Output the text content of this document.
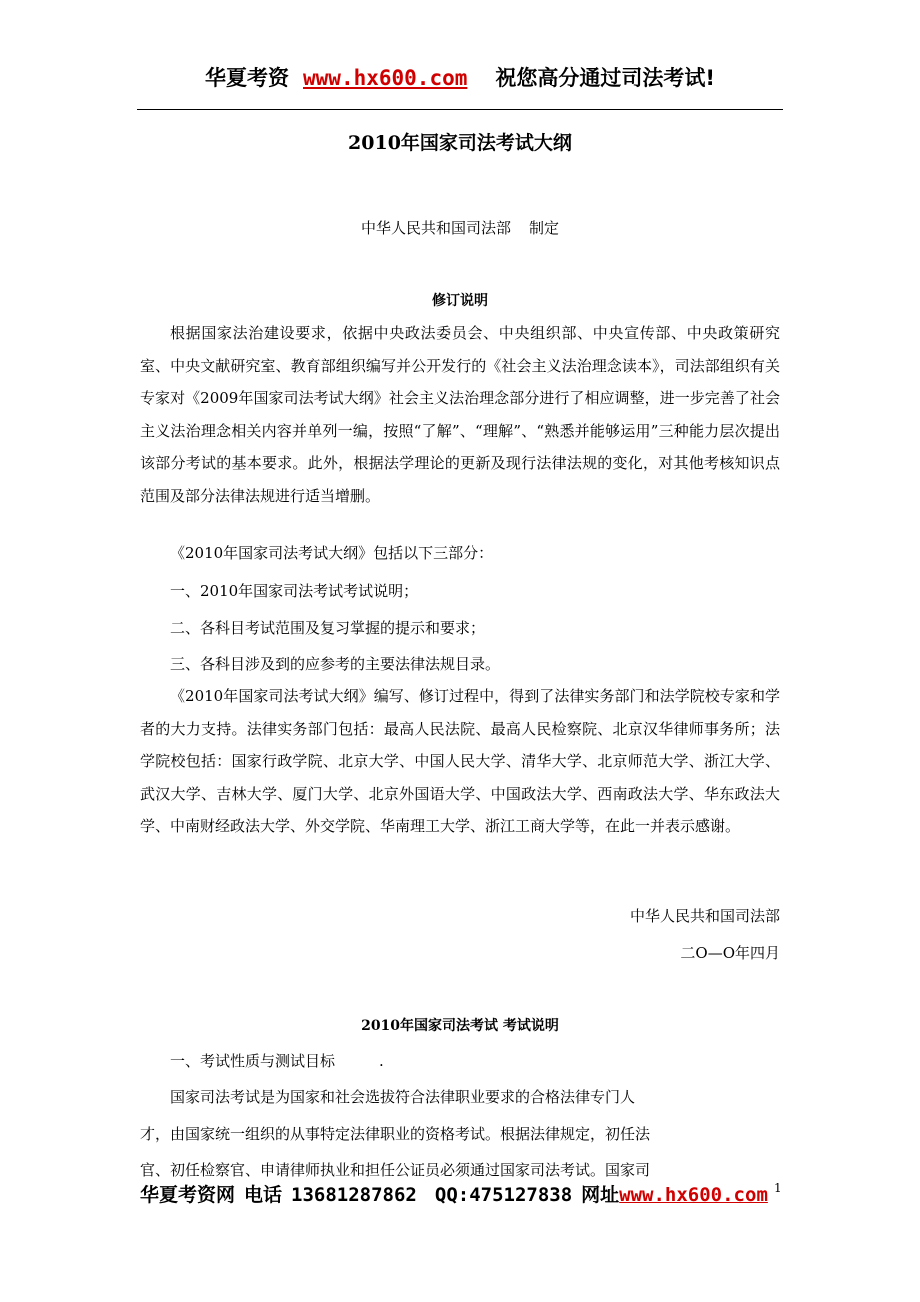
华夏考资 www.hx600.com 祝您高分通过司法考试!
2010年国家司法考试大纲
中华人民共和国司法部 制定
修订说明

根据国家法治建设要求，依据中央政法委员会、中央组织部、中央宣传部、中央政策研究室、中央文献研究室、教育部组织编写并公开发行的《社会主义法治理念读本》，司法部组织有关专家对《2009年国家司法考试大纲》社会主义法治理念部分进行了相应调整，进一步完善了社会主义法治理念相关内容并单列一编，按照“了解”、“理解”、“熟悉并能够运用”三种能力层次提出该部分考试的基本要求。此外，根据法学理论的更新及现行法律法规的变化，对其他考核知识点范围及部分法律法规进行适当增删。

《2010年国家司法考试大纲》包括以下三部分：

一、2010年国家司法考试考试说明；

二、各科目考试范围及复习掌握的提示和要求；

三、各科目涉及到的应参考的主要法律法规目录。

《2010年国家司法考试大纲》编写、修订过程中，得到了法律实务部门和法学院校专家和学者的大力支持。法律实务部门包括：最高人民法院、最高人民检察院、北京汉华律师事务所；法学院校包括：国家行政学院、北京大学、中国人民大学、清华大学、北京师范大学、浙江大学、武汉大学、吉林大学、厦门大学、北京外国语大学、中国政法大学、西南政法大学、华东政法大学、中南财经政法大学、外交学院、华南理工大学、浙江工商大学等，在此一并表示感谢。

中华人民共和国司法部

二O—O年四月

2010年国家司法考试 考试说明

一、考试性质与测试目标	.

国家司法考试是为国家和社会选拔符合法律职业要求的合格法律专门人

才，由国家统一组织的从事特定法律职业的资格考试。根据法律规定，初任法

官、初任检察官、申请律师执业和担任公证员必须通过国家司法考试。国家司

华夏考资网 电话 13681287862 QQ:475127838 网址www.hx600.com 1
